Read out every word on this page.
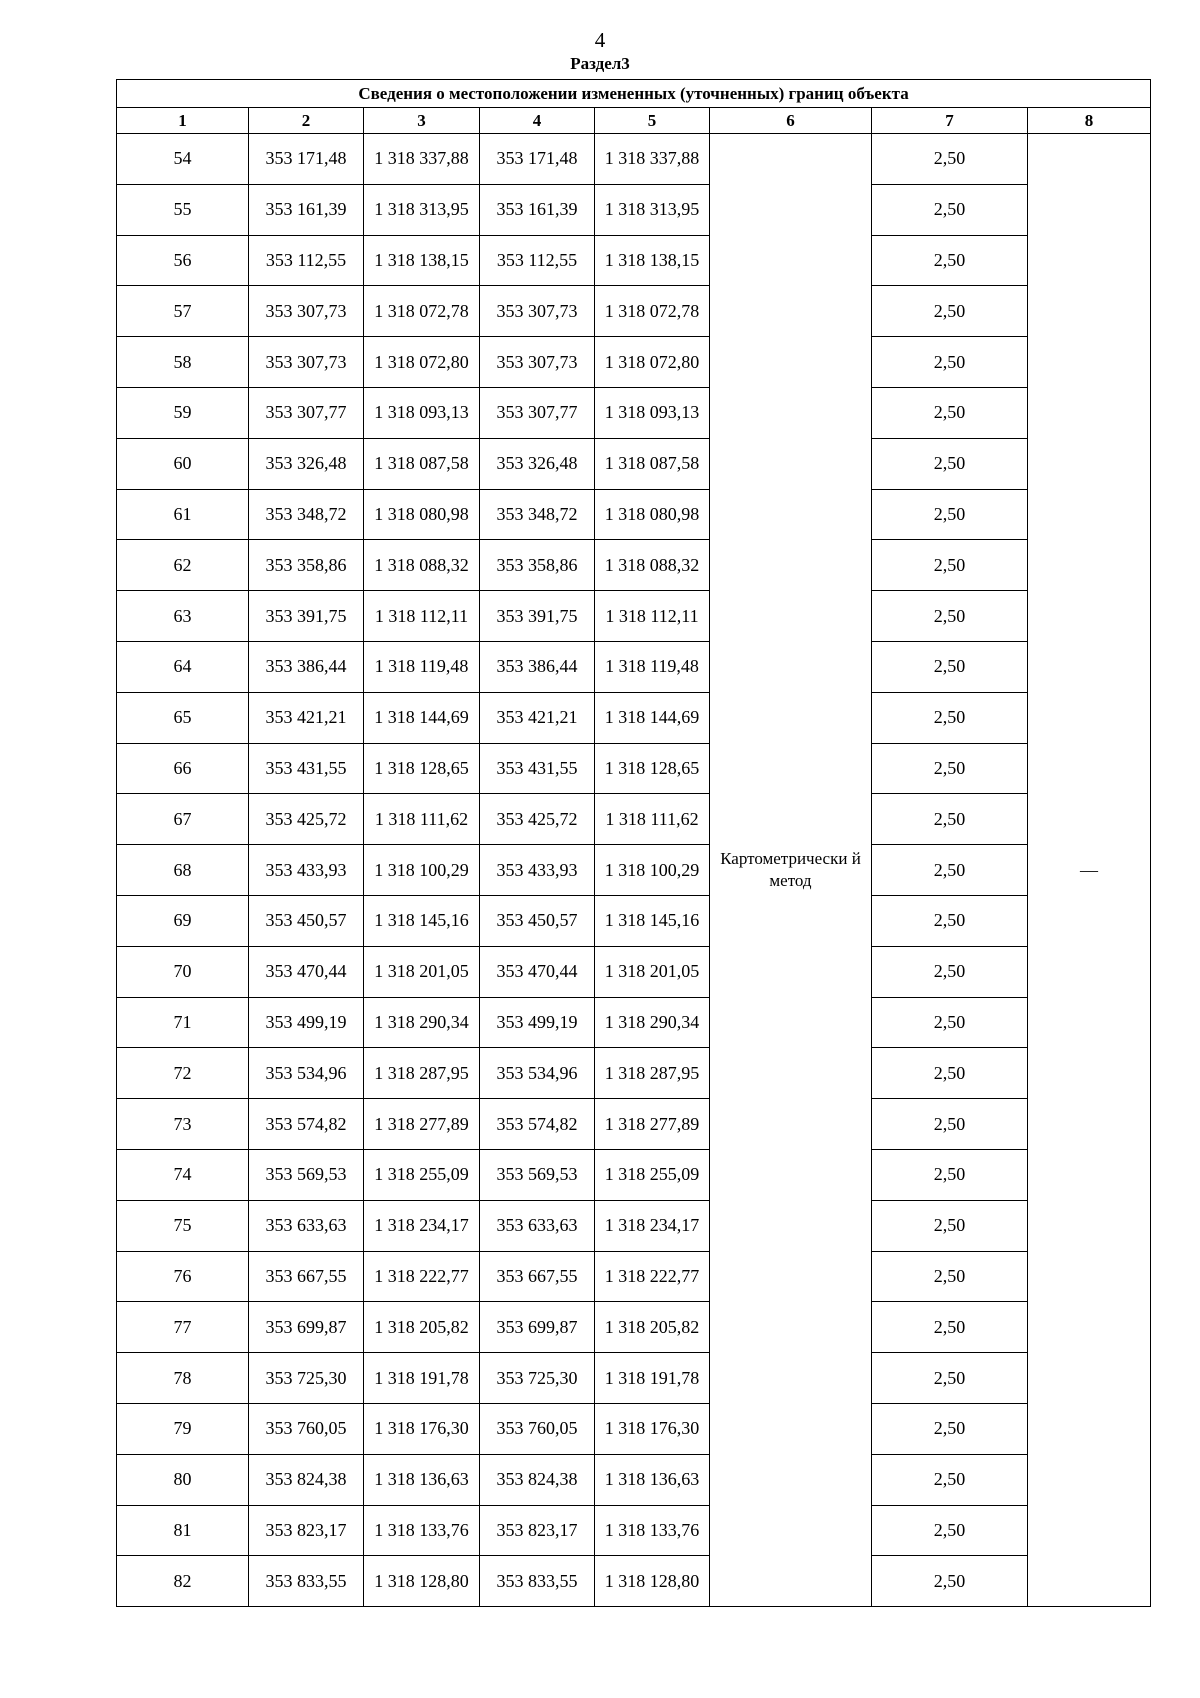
4
Раздел3
Сведения о местоположении измененных (уточненных) границ объекта							
1	2	3	4	5	6	7	8
54	353 171,48	1 318 337,88	353 171,48	1 318 337,88	Картометрически й метод	2,50	—
55	353 161,39	1 318 313,95	353 161,39	1 318 313,95		2,50	
56	353 112,55	1 318 138,15	353 112,55	1 318 138,15		2,50	
57	353 307,73	1 318 072,78	353 307,73	1 318 072,78		2,50	
58	353 307,73	1 318 072,80	353 307,73	1 318 072,80		2,50	
59	353 307,77	1 318 093,13	353 307,77	1 318 093,13		2,50	
60	353 326,48	1 318 087,58	353 326,48	1 318 087,58		2,50	
61	353 348,72	1 318 080,98	353 348,72	1 318 080,98		2,50	
62	353 358,86	1 318 088,32	353 358,86	1 318 088,32		2,50	
63	353 391,75	1 318 112,11	353 391,75	1 318 112,11		2,50	
64	353 386,44	1 318 119,48	353 386,44	1 318 119,48		2,50	
65	353 421,21	1 318 144,69	353 421,21	1 318 144,69		2,50	
66	353 431,55	1 318 128,65	353 431,55	1 318 128,65		2,50	
67	353 425,72	1 318 111,62	353 425,72	1 318 111,62		2,50	
68	353 433,93	1 318 100,29	353 433,93	1 318 100,29		2,50	
69	353 450,57	1 318 145,16	353 450,57	1 318 145,16		2,50	
70	353 470,44	1 318 201,05	353 470,44	1 318 201,05		2,50	
71	353 499,19	1 318 290,34	353 499,19	1 318 290,34		2,50	
72	353 534,96	1 318 287,95	353 534,96	1 318 287,95		2,50	
73	353 574,82	1 318 277,89	353 574,82	1 318 277,89		2,50	
74	353 569,53	1 318 255,09	353 569,53	1 318 255,09		2,50	
75	353 633,63	1 318 234,17	353 633,63	1 318 234,17		2,50	
76	353 667,55	1 318 222,77	353 667,55	1 318 222,77		2,50	
77	353 699,87	1 318 205,82	353 699,87	1 318 205,82		2,50	
78	353 725,30	1 318 191,78	353 725,30	1 318 191,78		2,50	
79	353 760,05	1 318 176,30	353 760,05	1 318 176,30		2,50	
80	353 824,38	1 318 136,63	353 824,38	1 318 136,63		2,50	
81	353 823,17	1 318 133,76	353 823,17	1 318 133,76		2,50	
82	353 833,55	1 318 128,80	353 833,55	1 318 128,80		2,50	
